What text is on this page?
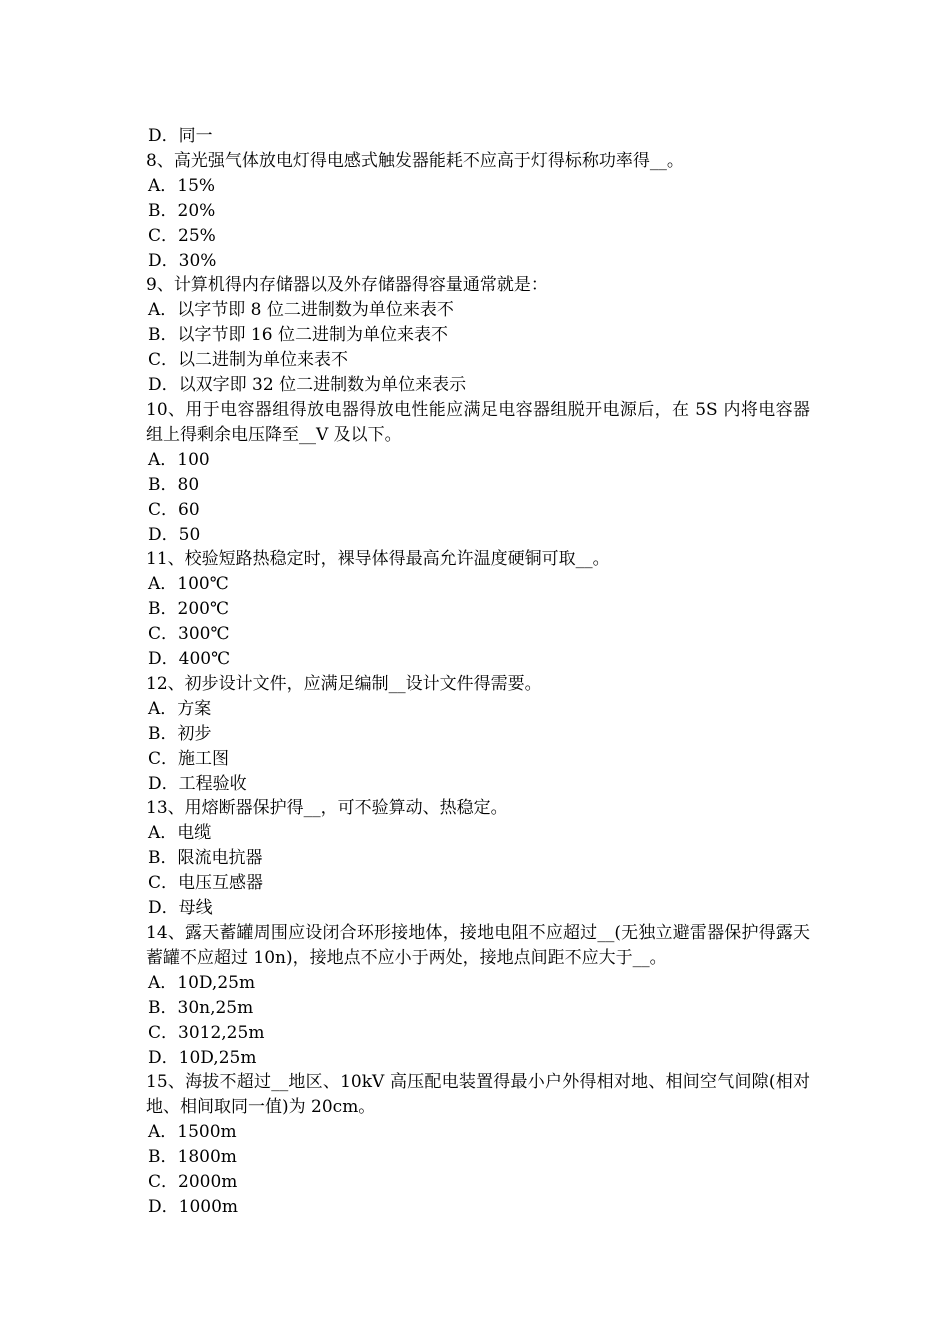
D．同一
8、高光强气体放电灯得电感式触发器能耗不应高于灯得标称功率得__。
A．15%
B．20%
C．25%
D．30%
9、计算机得内存储器以及外存储器得容量通常就是：
A．以字节即 8 位二进制数为单位来表不
B．以字节即 16 位二进制为单位来表不
C．以二进制为单位来表不
D．以双字即 32 位二进制数为单位来表示
10、用于电容器组得放电器得放电性能应满足电容器组脱开电源后，在 5S 内将电容器组上得剩余电压降至__V 及以下。
A．100
B．80
C．60
D．50
11、校验短路热稳定时，裸导体得最高允许温度硬铜可取__。
A．100℃
B．200℃
C．300℃
D．400℃
12、初步设计文件，应满足编制__设计文件得需要。
A．方案
B．初步
C．施工图
D．工程验收
13、用熔断器保护得__，可不验算动、热稳定。
A．电缆
B．限流电抗器
C．电压互感器
D．母线
14、露天蓄罐周围应设闭合环形接地体，接地电阻不应超过__(无独立避雷器保护得露天蓄罐不应超过 10n)，接地点不应小于两处，接地点间距不应大于__。
A．10D,25m
B．30n,25m
C．3012,25m
D．10D,25m
15、海拔不超过__地区、10kV 高压配电装置得最小户外得相对地、相间空气间隙(相对地、相间取同一值)为 20cm。
A．1500m
B．1800m
C．2000m
D．1000m
